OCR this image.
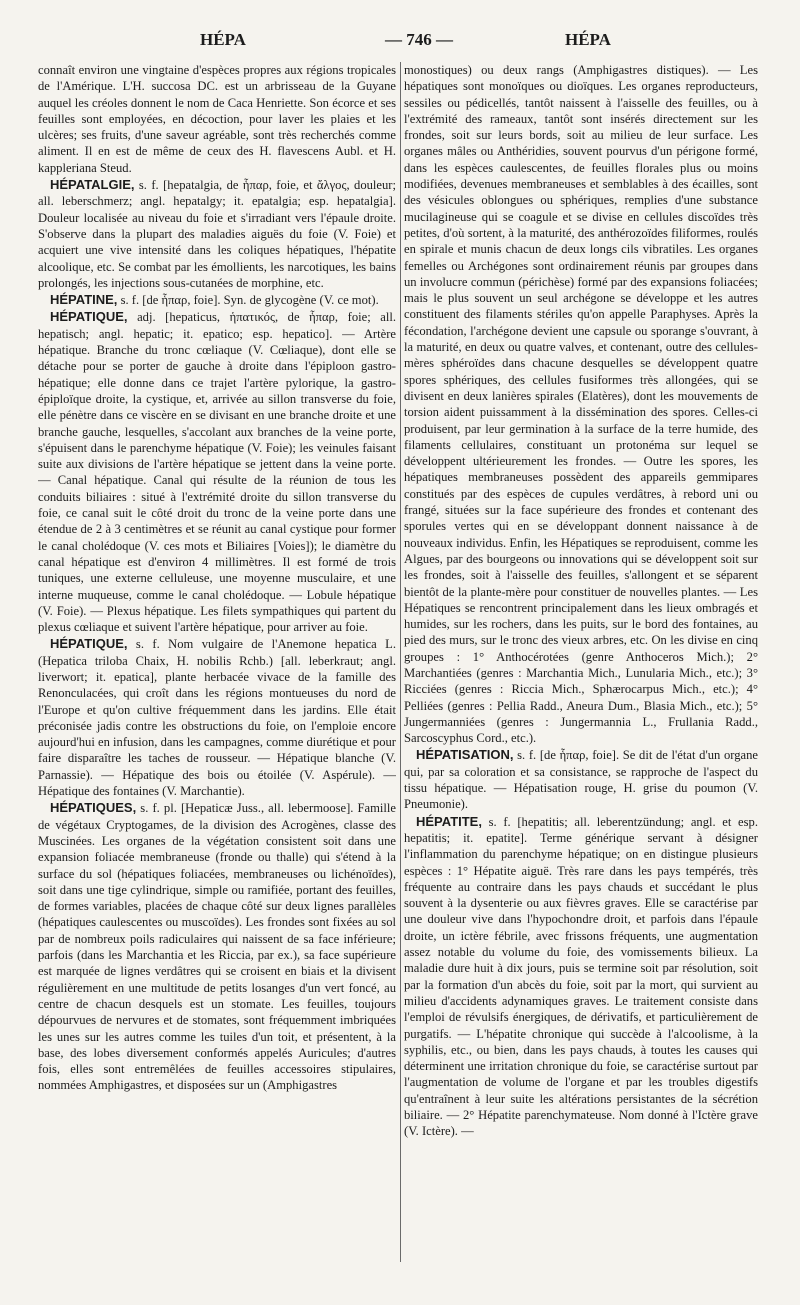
HÉPA	— 746 —	HÉPA

connaît environ une vingtaine d'espèces propres aux régions tropicales de l'Amérique. L'H. succosa DC. est un arbrisseau de la Guyane auquel les créoles donnent le nom de Caca Henriette. Son écorce et ses feuilles sont employées, en décoction, pour laver les plaies et les ulcères; ses fruits, d'une saveur agréable, sont très recherchés comme aliment. Il en est de même de ceux des H. flavescens Aubl. et H. kappleriana Steud.

HÉPATALGIE, s. f. [hepatalgia, de ἧπαρ, foie, et ἄλγος, douleur; all. leberschmerz; angl. hepatalgy; it. epatalgia; esp. hepatalgia]. Douleur localisée au niveau du foie et s'irradiant vers l'épaule droite. S'observe dans la plupart des maladies aiguës du foie (V. Foie) et acquiert une vive intensité dans les coliques hépatiques, l'hépatite alcoolique, etc. Se combat par les émollients, les narcotiques, les bains prolongés, les injections sous-cutanées de morphine, etc.

HÉPATINE, s. f. [de ἧπαρ, foie]. Syn. de glycogène (V. ce mot).

HÉPATIQUE, adj. [hepaticus, ἡπατικός, de ἧπαρ, foie; all. hepatisch; angl. hepatic; it. epatico; esp. hepatico]. — Artère hépatique. Branche du tronc cœliaque (V. Cœliaque), dont elle se détache pour se porter de gauche à droite dans l'épiploon gastro-hépatique; elle donne dans ce trajet l'artère pylorique, la gastro-épiploïque droite, la cystique, et, arrivée au sillon transverse du foie, elle pénètre dans ce viscère en se divisant en une branche droite et une branche gauche, lesquelles, s'accolant aux branches de la veine porte, s'épuisent dans le parenchyme hépatique (V. Foie); les veinules faisant suite aux divisions de l'artère hépatique se jettent dans la veine porte. — Canal hépatique. Canal qui résulte de la réunion de tous les conduits biliaires : situé à l'extrémité droite du sillon transverse du foie, ce canal suit le côté droit du tronc de la veine porte dans une étendue de 2 à 3 centimètres et se réunit au canal cystique pour former le canal cholédoque (V. ces mots et Biliaires [Voies]); le diamètre du canal hépatique est d'environ 4 millimètres. Il est formé de trois tuniques, une externe celluleuse, une moyenne musculaire, et une interne muqueuse, comme le canal cholédoque. — Lobule hépatique (V. Foie). — Plexus hépatique. Les filets sympathiques qui partent du plexus cœliaque et suivent l'artère hépatique, pour arriver au foie.

HÉPATIQUE, s. f. Nom vulgaire de l'Anemone hepatica L. (Hepatica triloba Chaix, H. nobilis Rchb.) [all. leberkraut; angl. liverwort; it. epatica], plante herbacée vivace de la famille des Renonculacées, qui croît dans les régions montueuses du nord de l'Europe et qu'on cultive fréquemment dans les jardins. Elle était préconisée jadis contre les obstructions du foie, on l'emploie encore aujourd'hui en infusion, dans les campagnes, comme diurétique et pour faire disparaître les taches de rousseur. — Hépatique blanche (V. Parnassie). — Hépatique des bois ou étoilée (V. Aspérule). — Hépatique des fontaines (V. Marchantie).

HÉPATIQUES, s. f. pl. [Hepaticæ Juss., all. lebermoose]. Famille de végétaux Cryptogames, de la division des Acrogènes, classe des Muscinées. Les organes de la végétation consistent soit dans une expansion foliacée membraneuse (fronde ou thalle) qui s'étend à la surface du sol (hépatiques foliacées, membraneuses ou lichénoïdes), soit dans une tige cylindrique, simple ou ramifiée, portant des feuilles, de formes variables, placées de chaque côté sur deux lignes parallèles (hépatiques caulescentes ou muscoïdes). Les frondes sont fixées au sol par de nombreux poils radiculaires qui naissent de sa face inférieure; parfois (dans les Marchantia et les Riccia, par ex.), sa face supérieure est marquée de lignes verdâtres qui se croisent en biais et la divisent régulièrement en une multitude de petits losanges d'un vert foncé, au centre de chacun desquels est un stomate. Les feuilles, toujours dépourvues de nervures et de stomates, sont fréquemment imbriquées les unes sur les autres comme les tuiles d'un toit, et présentent, à la base, des lobes diversement conformés appelés Auricules; d'autres fois, elles sont entremêlées de feuilles accessoires stipulaires, nommées Amphigastres, et disposées sur un (Amphigastres

monostiques) ou deux rangs (Amphigastres distiques). — Les hépatiques sont monoïques ou dioïques. Les organes reproducteurs, sessiles ou pédicellés, tantôt naissent à l'aisselle des feuilles, ou à l'extrémité des rameaux, tantôt sont insérés directement sur les frondes, soit sur leurs bords, soit au milieu de leur surface. Les organes mâles ou Anthéridies, souvent pourvus d'un périgone formé, dans les espèces caulescentes, de feuilles florales plus ou moins modifiées, devenues membraneuses et semblables à des écailles, sont des vésicules oblongues ou sphériques, remplies d'une substance mucilagineuse qui se coagule et se divise en cellules discoïdes très petites, d'où sortent, à la maturité, des anthérozoïdes filiformes, roulés en spirale et munis chacun de deux longs cils vibratiles. Les organes femelles ou Archégones sont ordinairement réunis par groupes dans un involucre commun (périchèse) formé par des expansions foliacées; mais le plus souvent un seul archégone se développe et les autres constituent des filaments stériles qu'on appelle Paraphyses. Après la fécondation, l'archégone devient une capsule ou sporange s'ouvrant, à la maturité, en deux ou quatre valves, et contenant, outre des cellules-mères sphéroïdes dans chacune desquelles se développent quatre spores sphériques, des cellules fusiformes très allongées, qui se divisent en deux lanières spirales (Elatères), dont les mouvements de torsion aident puissamment à la dissémination des spores. Celles-ci produisent, par leur germination à la surface de la terre humide, des filaments cellulaires, constituant un protonéma sur lequel se développent ultérieurement les frondes. — Outre les spores, les hépatiques membraneuses possèdent des appareils gemmipares constitués par des espèces de cupules verdâtres, à rebord uni ou frangé, situées sur la face supérieure des frondes et contenant des sporules vertes qui en se développant donnent naissance à de nouveaux individus. Enfin, les Hépatiques se reproduisent, comme les Algues, par des bourgeons ou innovations qui se développent soit sur les frondes, soit à l'aisselle des feuilles, s'allongent et se séparent bientôt de la plante-mère pour constituer de nouvelles plantes. — Les Hépatiques se rencontrent principalement dans les lieux ombragés et humides, sur les rochers, dans les puits, sur le bord des fontaines, au pied des murs, sur le tronc des vieux arbres, etc. On les divise en cinq groupes : 1° Anthocérotées (genre Anthoceros Mich.); 2° Marchantiées (genres : Marchantia Mich., Lunularia Mich., etc.); 3° Ricciées (genres : Riccia Mich., Sphærocarpus Mich., etc.); 4° Pelliées (genres : Pellia Radd., Aneura Dum., Blasia Mich., etc.); 5° Jungermanniées (genres : Jungermannia L., Frullania Radd., Sarcoscyphus Cord., etc.).

HÉPATISATION, s. f. [de ἧπαρ, foie]. Se dit de l'état d'un organe qui, par sa coloration et sa consistance, se rapproche de l'aspect du tissu hépatique. — Hépatisation rouge, H. grise du poumon (V. Pneumonie).

HÉPATITE, s. f. [hepatitis; all. leberentzündung; angl. et esp. hepatitis; it. epatite]. Terme générique servant à désigner l'inflammation du parenchyme hépatique; on en distingue plusieurs espèces : 1° Hépatite aiguë. Très rare dans les pays tempérés, très fréquente au contraire dans les pays chauds et succédant le plus souvent à la dysenterie ou aux fièvres graves. Elle se caractérise par une douleur vive dans l'hypochondre droit, et parfois dans l'épaule droite, un ictère fébrile, avec frissons fréquents, une augmentation assez notable du volume du foie, des vomissements bilieux. La maladie dure huit à dix jours, puis se termine soit par résolution, soit par la formation d'un abcès du foie, soit par la mort, qui survient au milieu d'accidents adynamiques graves. Le traitement consiste dans l'emploi de révulsifs énergiques, de dérivatifs, et particulièrement de purgatifs. — L'hépatite chronique qui succède à l'alcoolisme, à la syphilis, etc., ou bien, dans les pays chauds, à toutes les causes qui déterminent une irritation chronique du foie, se caractérise surtout par l'augmentation de volume de l'organe et par les troubles digestifs qu'entraînent à leur suite les altérations persistantes de la sécrétion biliaire. — 2° Hépatite parenchymateuse. Nom donné à l'Ictère grave (V. Ictère). —
